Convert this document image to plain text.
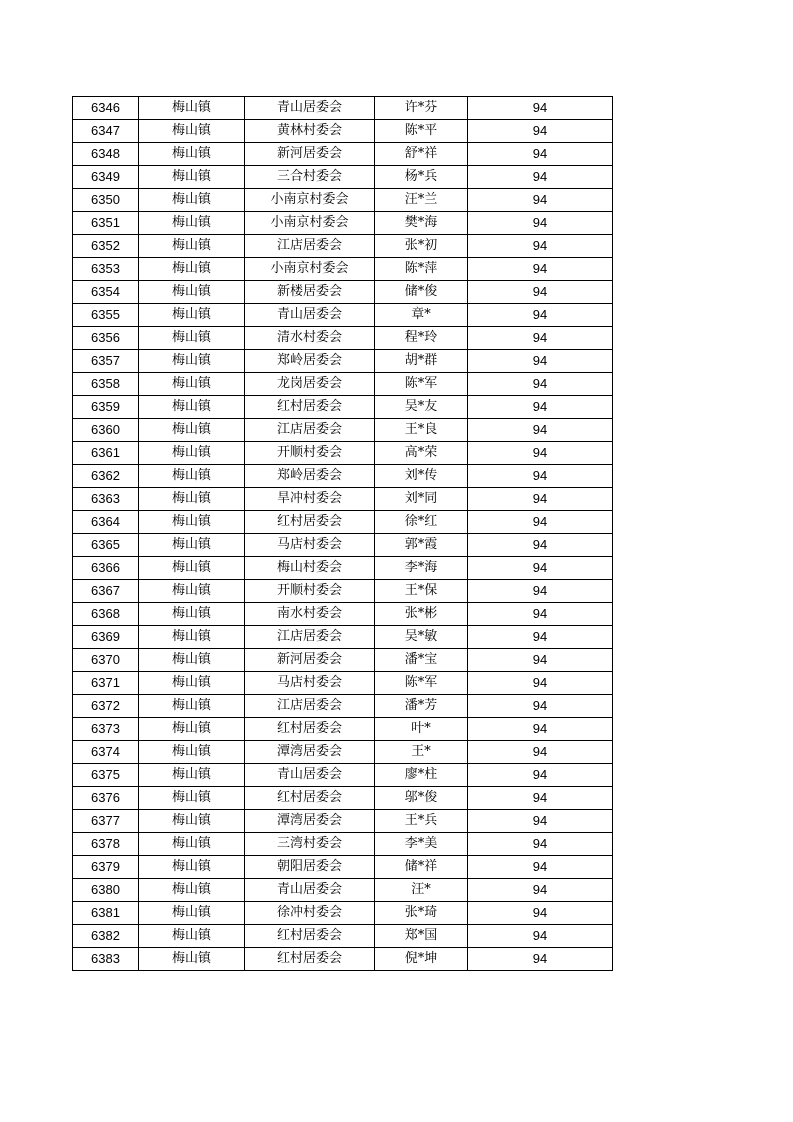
6346	梅山镇	青山居委会	许*芬	94
6347	梅山镇	黄林村委会	陈*平	94
6348	梅山镇	新河居委会	舒*祥	94
6349	梅山镇	三合村委会	杨*兵	94
6350	梅山镇	小南京村委会	汪*兰	94
6351	梅山镇	小南京村委会	樊*海	94
6352	梅山镇	江店居委会	张*初	94
6353	梅山镇	小南京村委会	陈*萍	94
6354	梅山镇	新楼居委会	储*俊	94
6355	梅山镇	青山居委会	章*	94
6356	梅山镇	清水村委会	程*玲	94
6357	梅山镇	郑岭居委会	胡*群	94
6358	梅山镇	龙岗居委会	陈*军	94
6359	梅山镇	红村居委会	吴*友	94
6360	梅山镇	江店居委会	王*良	94
6361	梅山镇	开顺村委会	高*荣	94
6362	梅山镇	郑岭居委会	刘*传	94
6363	梅山镇	旱冲村委会	刘*同	94
6364	梅山镇	红村居委会	徐*红	94
6365	梅山镇	马店村委会	郭*霞	94
6366	梅山镇	梅山村委会	李*海	94
6367	梅山镇	开顺村委会	王*保	94
6368	梅山镇	南水村委会	张*彬	94
6369	梅山镇	江店居委会	吴*敏	94
6370	梅山镇	新河居委会	潘*宝	94
6371	梅山镇	马店村委会	陈*军	94
6372	梅山镇	江店居委会	潘*芳	94
6373	梅山镇	红村居委会	叶*	94
6374	梅山镇	潭湾居委会	王*	94
6375	梅山镇	青山居委会	廖*柱	94
6376	梅山镇	红村居委会	邬*俊	94
6377	梅山镇	潭湾居委会	王*兵	94
6378	梅山镇	三湾村委会	李*美	94
6379	梅山镇	朝阳居委会	储*祥	94
6380	梅山镇	青山居委会	汪*	94
6381	梅山镇	徐冲村委会	张*琦	94
6382	梅山镇	红村居委会	郑*国	94
6383	梅山镇	红村居委会	倪*坤	94
